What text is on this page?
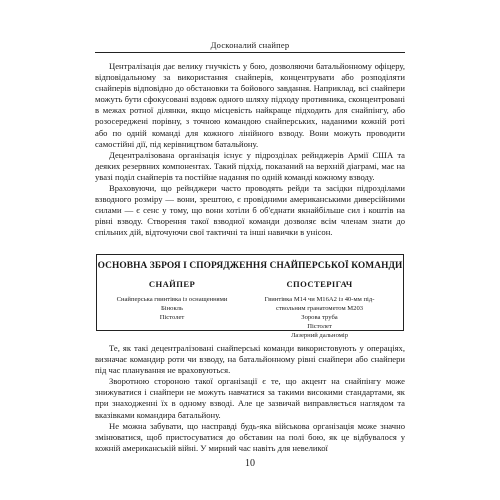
Досконалий снайпер

Централізація дає велику гнучкість у бою, дозволяючи батальйонному офіцеру, відповідальному за використання снайперів, концентрувати або розподіляти снайперів відповідно до обстановки та бойового завдання. Наприклад, всі снайпери можуть бути сфокусовані вздовж одного шляху підходу противника, сконцентровані в межах ротної ділянки, якщо місцевість найкраще підходить для снайпінгу, або розосереджені порівну, з точною командою снайперських, наданими кожній роті або по одній команді для кожного лінійного взводу. Вони можуть проводити самостійні дії, під керівництвом батальйону.

Децентралізована організація існує у підрозділах рейнджерів Армії США та деяких резервних компонентах. Такий підхід, показаний на верхній діаграмі, має на увазі поділ снайперів та постійне надання по одній команді кожному взводу.

Враховуючи, що рейнджери часто проводять рейди та засідки підрозділами взводного розміру — вони, зрештою, є провідними американськими диверсійними силами — є сенс у тому, що вони хотіли б об'єднати якнайбільше сил і коштів на рівні взводу. Створення такої взводної команди дозволяє всім членам знати до спільних дій, відточуючи свої тактичні та інші навички в унісон.

ОСНОВНА ЗБРОЯ І СПОРЯДЖЕННЯ СНАЙПЕРСЬКОЇ КОМАНДИ
СНАЙПЕР
Снайперська гвинтівка із оснащеннями
Бінокль
Пістолет
СПОСТЕРІГАЧ
Гвинтівка M14 чи M16A2 із 40-мм під-
ствольним гранатометом M203
Зорова труба
Пістолет
Лазерний дальномір

Те, як такі децентралізовані снайперські команди використовують у операціях, визначає командир роти чи взводу, на батальйонному рівні снайпери або снайпери під час планування не враховуються.

Зворотною стороною такої організації є те, що акцент на снайпінгу може знижуватися і снайпери не можуть навчатися за такими високими стандартами, як при знаходженні їх в одному взводі. Але це зазвичай виправляється наглядом та вказівками командира батальйону.

Не можна забувати, що насправді будь-яка військова організація може значно змінюватися, щоб пристосуватися до обставин на полі бою, як це відбувалося у кожній американській війні. У мирний час навіть для невеликої

10
